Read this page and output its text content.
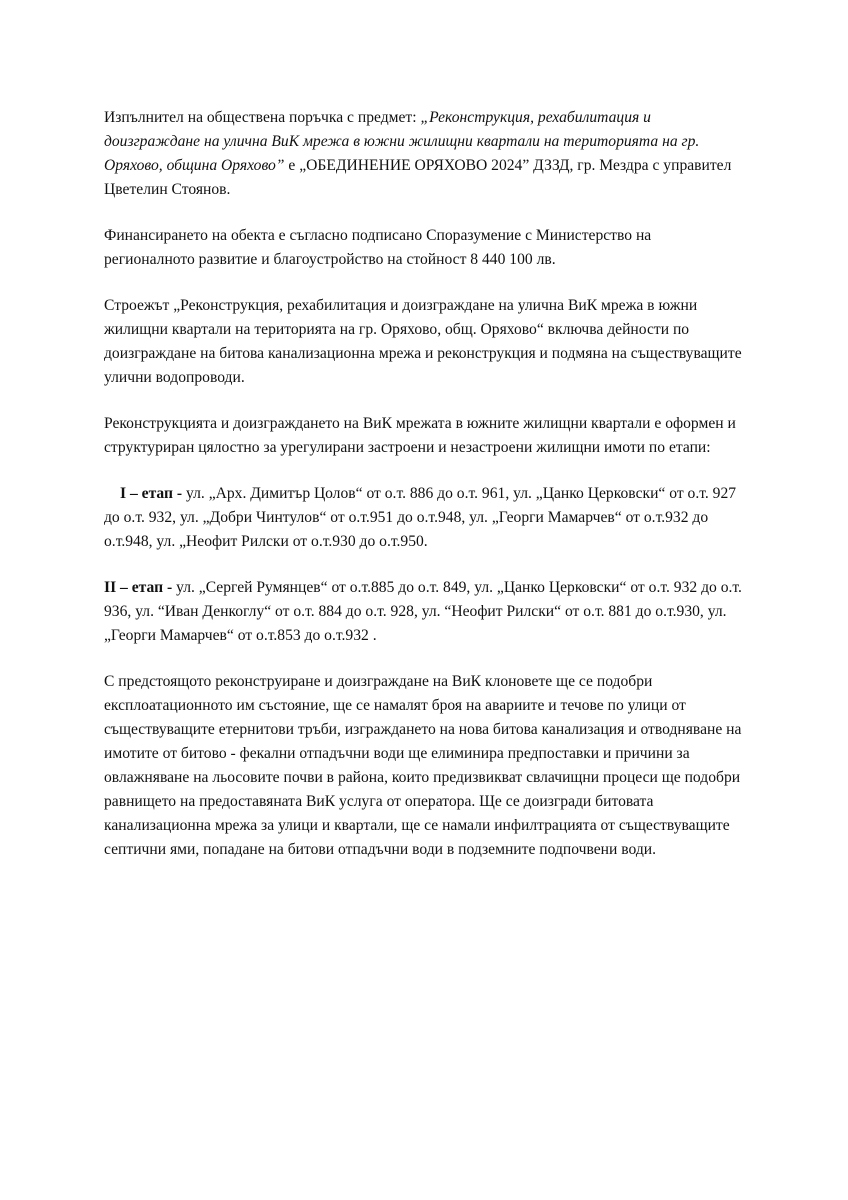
Изпълнител на обществена поръчка с предмет: „Реконструкция, рехабилитация и доизграждане на улична ВиК мрежа в южни жилищни квартали на територията на гр. Оряхово, община Оряхово” е „ОБЕДИНЕНИЕ ОРЯХОВО 2024” ДЗЗД, гр. Мездра с управител Цветелин Стоянов.

Финансирането на обекта е съгласно подписано Споразумение с Министерство на регионалното развитие и благоустройство на стойност 8 440 100 лв.

Строежът „Реконструкция, рехабилитация и доизграждане на улична ВиК мрежа в южни жилищни квартали на територията на гр. Оряхово, общ. Оряхово“ включва дейности по доизграждане на битова канализационна мрежа и реконструкция и подмяна на съществуващите улични водопроводи.

Реконструкцията и доизграждането на ВиК мрежата в южните жилищни квартали е оформен и структуриран цялостно за урегулирани застроени и незастроени жилищни имоти по етапи:

I – етап - ул. „Арх. Димитър Цолов“ от о.т. 886 до о.т. 961, ул. „Цанко Церковски“ от о.т. 927 до о.т. 932, ул. „Добри Чинтулов“ от о.т.951 до о.т.948, ул. „Георги Мамарчев“ от о.т.932 до о.т.948, ул. „Неофит Рилски от о.т.930 до о.т.950.

II – етап - ул. „Сергей Румянцев“ от о.т.885 до о.т. 849, ул. „Цанко Церковски“ от о.т. 932 до о.т. 936, ул. “Иван Денкоглу“ от о.т. 884 до о.т. 928, ул. “Неофит Рилски“ от о.т. 881 до о.т.930, ул. „Георги Мамарчев“ от о.т.853 до о.т.932 .

С предстоящото реконструиране и доизграждане на ВиК клоновете ще се подобри експлоатационното им състояние, ще се намалят броя на авариите и течове по улици от съществуващите етернитови тръби, изграждането на нова битова канализация и отводняване на имотите от битово - фекални отпадъчни води ще елиминира предпоставки и причини за овлажняване на льосовите почви в района, които предизвикват свлачищни процеси ще подобри равнището на предоставяната ВиК услуга от оператора. Ще се доизгради битовата канализационна мрежа за улици и квартали, ще се намали инфилтрацията от съществуващите септични ями, попадане на битови отпадъчни води в подземните подпочвени води.
